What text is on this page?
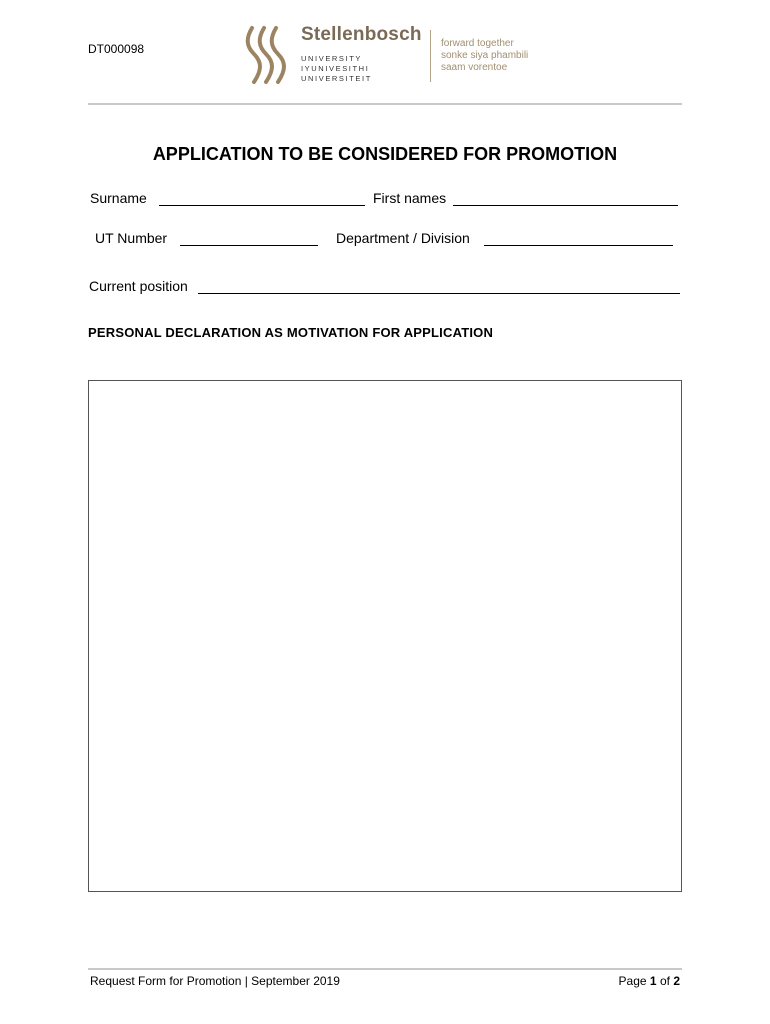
DT000098
Stellenbosch
UNIVERSITY
IYUNIVESITHI
UNIVERSITEIT
forward together
sonke siya phambili
saam vorentoe
APPLICATION TO BE CONSIDERED FOR PROMOTION
Surname	First names
UT Number	Department / Division
Current position
PERSONAL DECLARATION AS MOTIVATION FOR APPLICATION
Request Form for Promotion | September 2019	Page 1 of 2
